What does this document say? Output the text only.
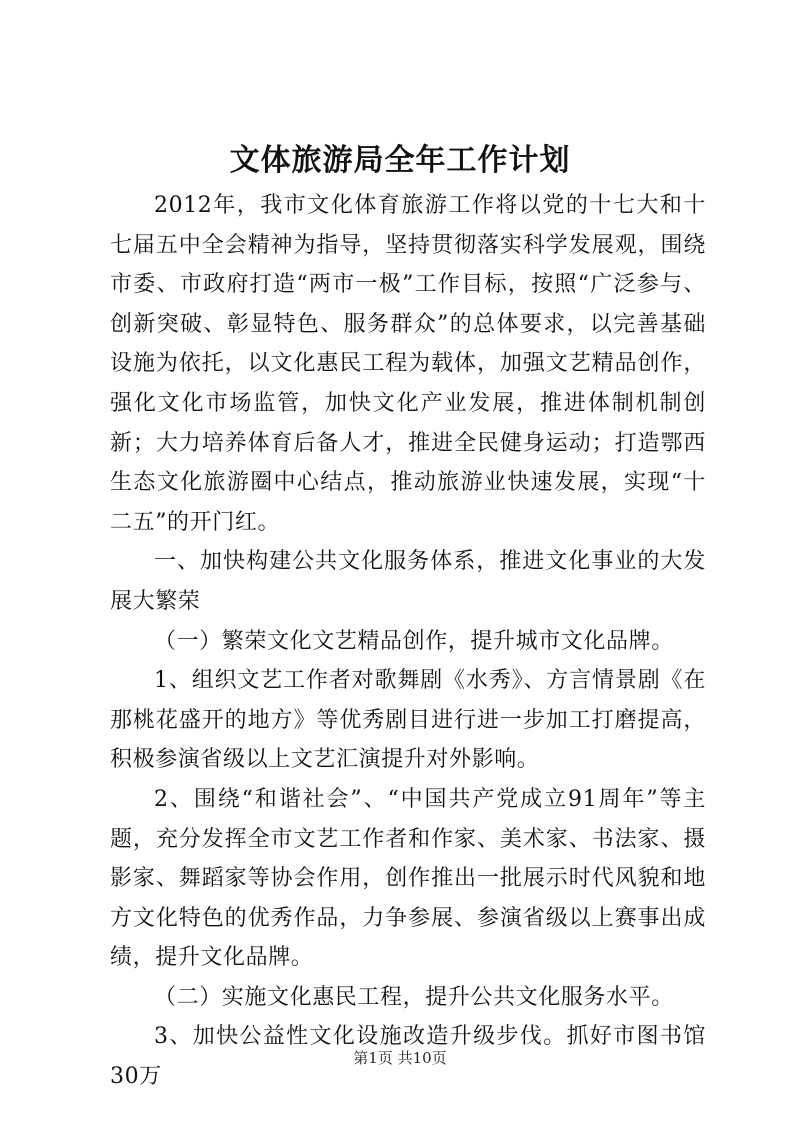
文体旅游局全年工作计划

2012年，我市文化体育旅游工作将以党的十七大和十七届五中全会精神为指导，坚持贯彻落实科学发展观，围绕市委、市政府打造“两市一极”工作目标，按照“广泛参与、创新突破、彰显特色、服务群众”的总体要求，以完善基础设施为依托，以文化惠民工程为载体，加强文艺精品创作，强化文化市场监管，加快文化产业发展，推进体制机制创新；大力培养体育后备人才，推进全民健身运动；打造鄂西生态文化旅游圈中心结点，推动旅游业快速发展，实现“十二五”的开门红。

一、加快构建公共文化服务体系，推进文化事业的大发展大繁荣

（一）繁荣文化文艺精品创作，提升城市文化品牌。

1、组织文艺工作者对歌舞剧《水秀》、方言情景剧《在那桃花盛开的地方》等优秀剧目进行进一步加工打磨提高，积极参演省级以上文艺汇演提升对外影响。

2、围绕“和谐社会”、“中国共产党成立91周年”等主题，充分发挥全市文艺工作者和作家、美术家、书法家、摄影家、舞蹈家等协会作用，创作推出一批展示时代风貌和地方文化特色的优秀作品，力争参展、参演省级以上赛事出成绩，提升文化品牌。

（二）实施文化惠民工程，提升公共文化服务水平。

3、加快公益性文化设施改造升级步伐。抓好市图书馆30万

第1页 共10页
